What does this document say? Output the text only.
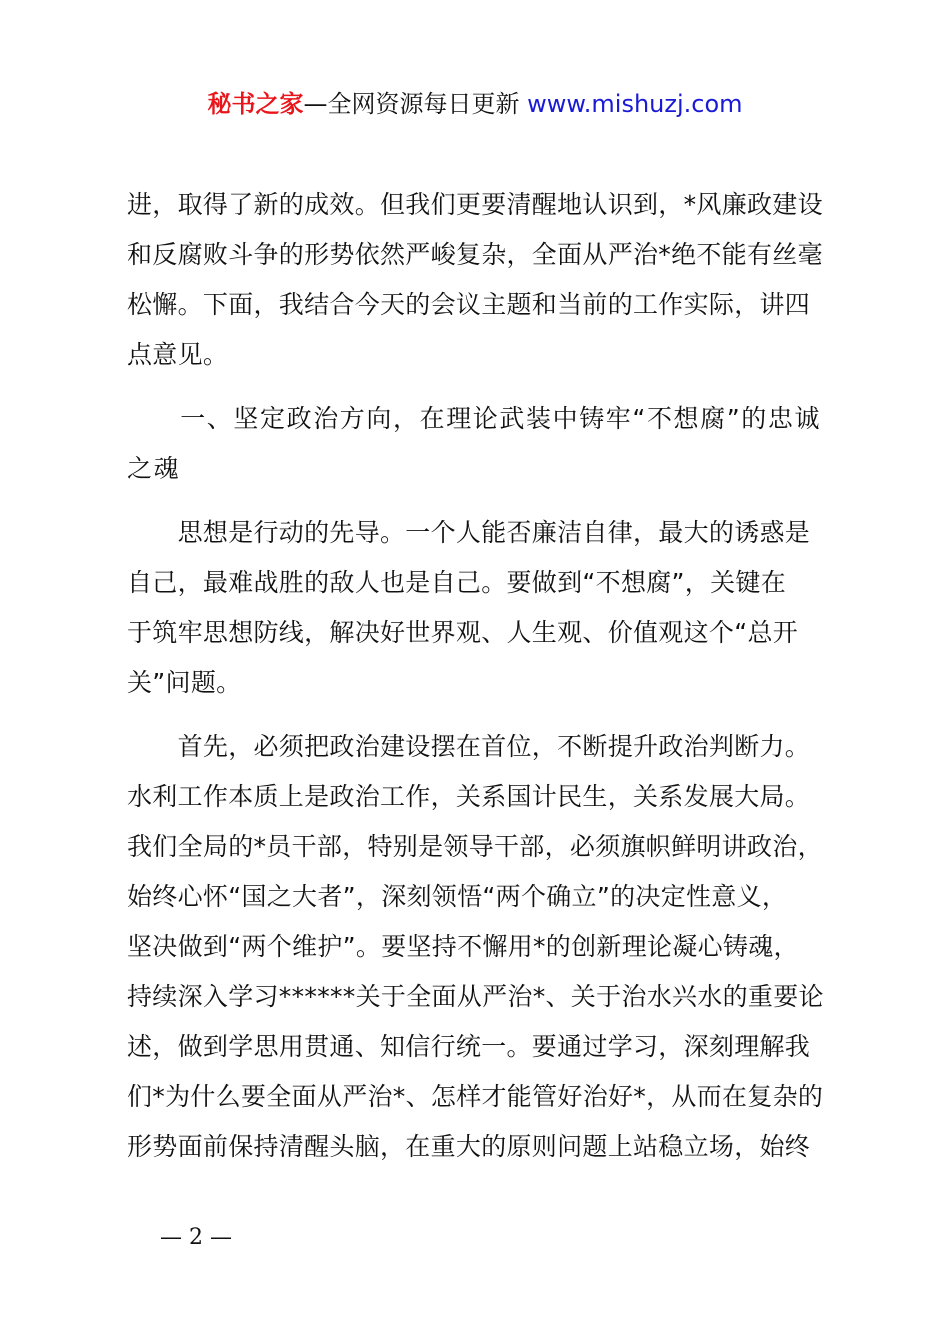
秘书之家—全网资源每日更新 www.mishuzj.com
进，取得了新的成效。但我们更要清醒地认识到，*风廉政建设
和反腐败斗争的形势依然严峻复杂，全面从严治*绝不能有丝毫
松懈。下面，我结合今天的会议主题和当前的工作实际，讲四
点意见。
　　一、坚定政治方向，在理论武装中铸牢“不想腐”的忠诚
之魂
　　思想是行动的先导。一个人能否廉洁自律，最大的诱惑是
自己，最难战胜的敌人也是自己。要做到“不想腐”，关键在
于筑牢思想防线，解决好世界观、人生观、价值观这个“总开
关”问题。
　　首先，必须把政治建设摆在首位，不断提升政治判断力。
水利工作本质上是政治工作，关系国计民生，关系发展大局。
我们全局的*员干部，特别是领导干部，必须旗帜鲜明讲政治，
始终心怀“国之大者”，深刻领悟“两个确立”的决定性意义，
坚决做到“两个维护”。要坚持不懈用*的创新理论凝心铸魂，
持续深入学习******关于全面从严治*、关于治水兴水的重要论
述，做到学思用贯通、知信行统一。要通过学习，深刻理解我
们*为什么要全面从严治*、怎样才能管好治好*，从而在复杂的
形势面前保持清醒头脑，在重大的原则问题上站稳立场，始终
— 2 —
